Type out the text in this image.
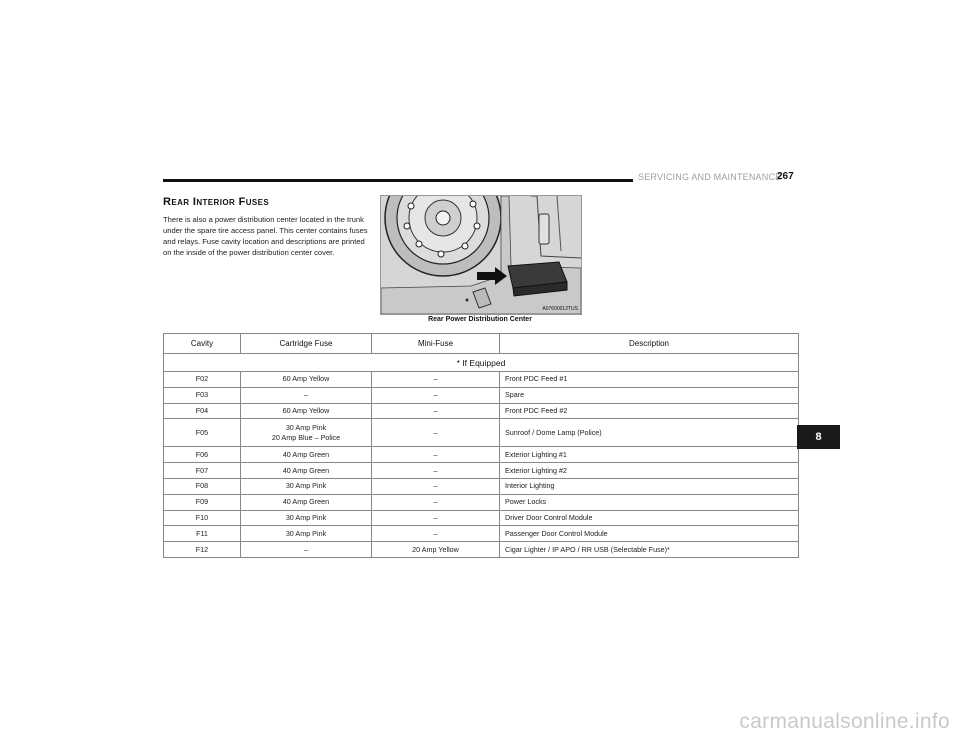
SERVICING AND MAINTENANCE
267
Rear Interior Fuses
There is also a power distribution center located in the trunk under the spare tire access panel. This center contains fuses and relays. Fuse cavity location and descriptions are printed on the inside of the power distribution center cover.
A07600012TUS
Rear Power Distribution Center
Cavity	Cartridge Fuse	Mini-Fuse	Description
* If Equipped			
F02	60 Amp Yellow	–	Front PDC Feed #1
F03	–	–	Spare
F04	60 Amp Yellow	–	Front PDC Feed #2
F05	30 Amp Pink
20 Amp Blue – Police	–	Sunroof / Dome Lamp (Police)
F06	40 Amp Green	–	Exterior Lighting #1
F07	40 Amp Green	–	Exterior Lighting #2
F08	30 Amp Pink	–	Interior Lighting
F09	40 Amp Green	–	Power Locks
F10	30 Amp Pink	–	Driver Door Control Module
F11	30 Amp Pink	–	Passenger Door Control Module
F12	–	20 Amp Yellow	Cigar Lighter / IP APO / RR USB (Selectable Fuse)*
8
carmanualsonline.info
